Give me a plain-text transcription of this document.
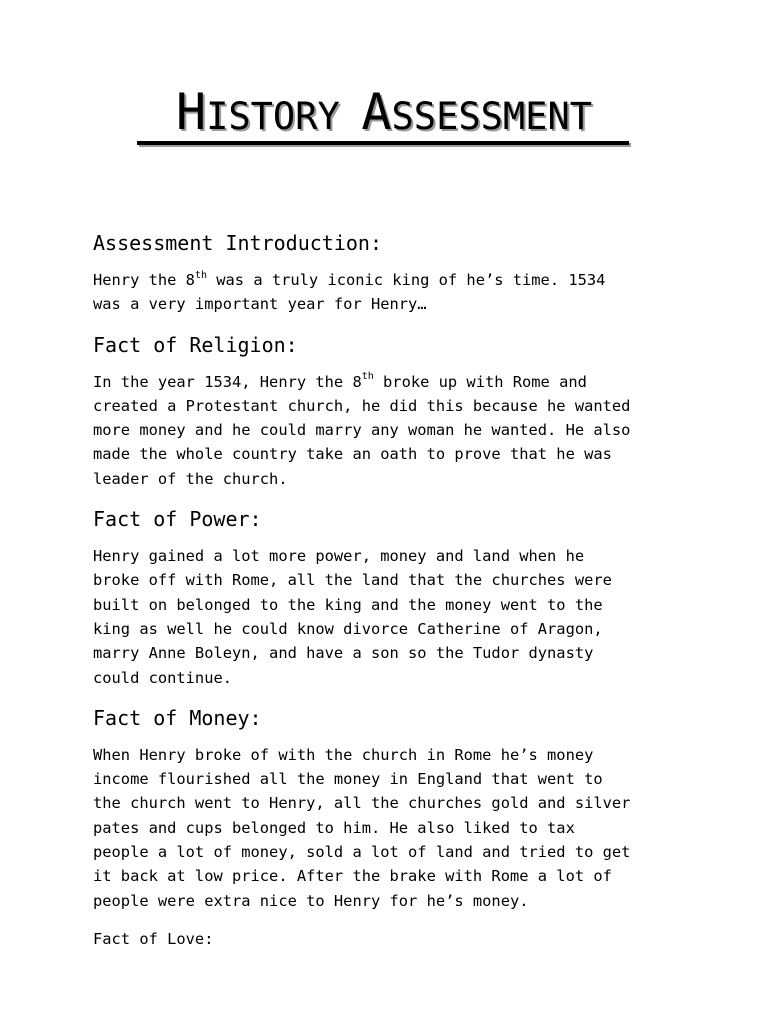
HISTORY ASSESSMENT
Assessment Introduction:

Henry the 8th was a truly iconic king of he’s time. 1534
was a very important year for Henry…

Fact of Religion:

In the year 1534, Henry the 8th broke up with Rome and
created a Protestant church, he did this because he wanted
more money and he could marry any woman he wanted. He also
made the whole country take an oath to prove that he was
leader of the church.

Fact of Power:

Henry gained a lot more power, money and land when he
broke off with Rome, all the land that the churches were
built on belonged to the king and the money went to the
king as well he could know divorce Catherine of Aragon,
marry Anne Boleyn, and have a son so the Tudor dynasty
could continue.

Fact of Money:

When Henry broke of with the church in Rome he’s money
income flourished all the money in England that went to
the church went to Henry, all the churches gold and silver
pates and cups belonged to him. He also liked to tax
people a lot of money, sold a lot of land and tried to get
it back at low price. After the brake with Rome a lot of
people were extra nice to Henry for he’s money.

Fact of Love:
